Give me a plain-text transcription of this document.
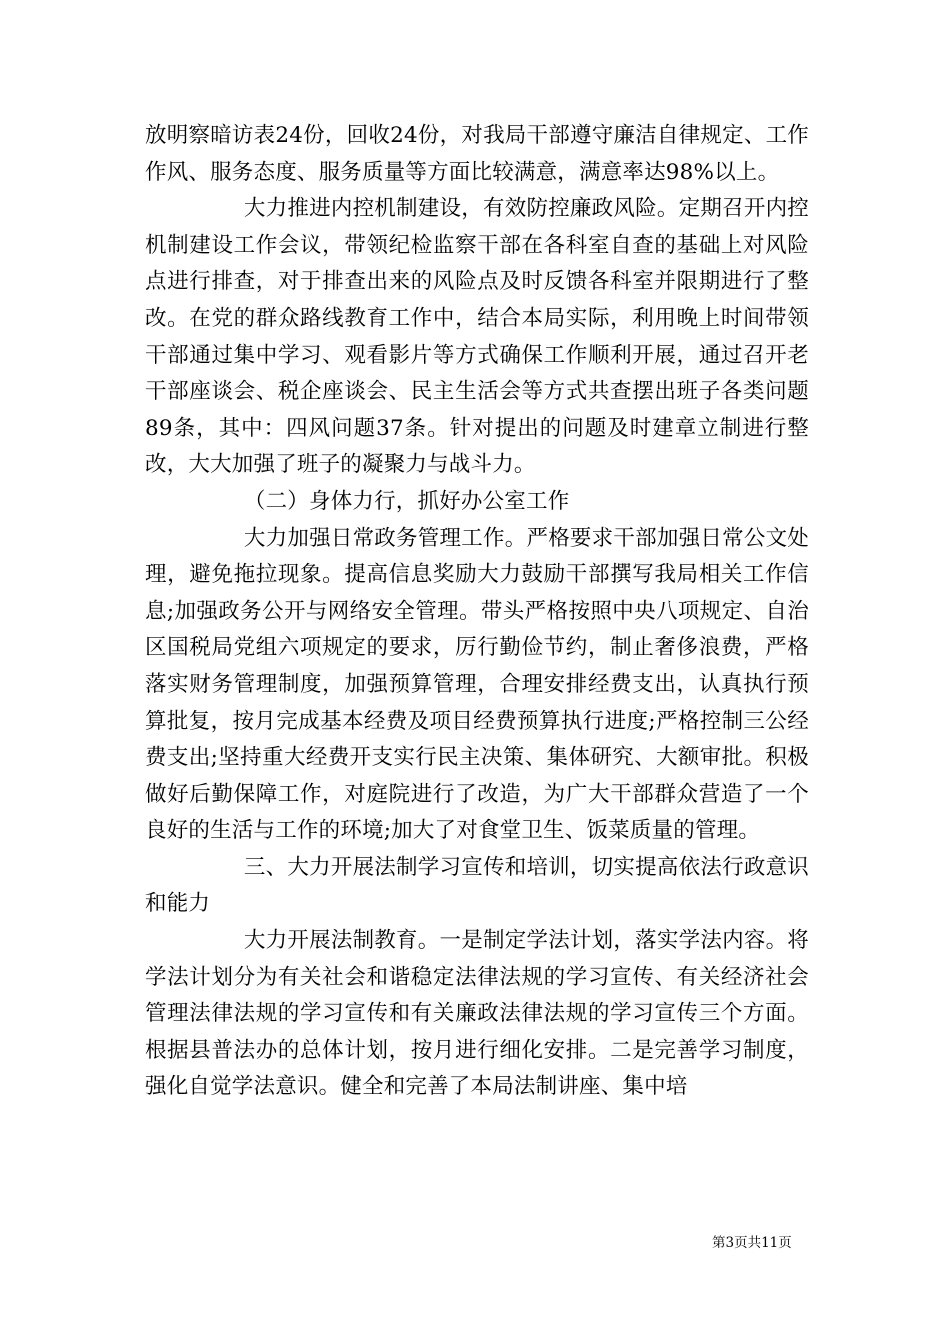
放明察暗访表24份，回收24份，对我局干部遵守廉洁自律规定、工作作风、服务态度、服务质量等方面比较满意，满意率达98%以上。

大力推进内控机制建设，有效防控廉政风险。定期召开内控机制建设工作会议，带领纪检监察干部在各科室自查的基础上对风险点进行排查，对于排查出来的风险点及时反馈各科室并限期进行了整改。在党的群众路线教育工作中，结合本局实际，利用晚上时间带领干部通过集中学习、观看影片等方式确保工作顺利开展，通过召开老干部座谈会、税企座谈会、民主生活会等方式共查摆出班子各类问题89条，其中：四风问题37条。针对提出的问题及时建章立制进行整改，大大加强了班子的凝聚力与战斗力。

（二）身体力行，抓好办公室工作

大力加强日常政务管理工作。严格要求干部加强日常公文处理，避免拖拉现象。提高信息奖励大力鼓励干部撰写我局相关工作信息;加强政务公开与网络安全管理。带头严格按照中央八项规定、自治区国税局党组六项规定的要求，厉行勤俭节约，制止奢侈浪费，严格落实财务管理制度，加强预算管理，合理安排经费支出，认真执行预算批复，按月完成基本经费及项目经费预算执行进度;严格控制三公经费支出;坚持重大经费开支实行民主决策、集体研究、大额审批。积极做好后勤保障工作，对庭院进行了改造，为广大干部群众营造了一个良好的生活与工作的环境;加大了对食堂卫生、饭菜质量的管理。

三、大力开展法制学习宣传和培训，切实提高依法行政意识和能力

大力开展法制教育。一是制定学法计划，落实学法内容。将学法计划分为有关社会和谐稳定法律法规的学习宣传、有关经济社会管理法律法规的学习宣传和有关廉政法律法规的学习宣传三个方面。根据县普法办的总体计划，按月进行细化安排。二是完善学习制度，强化自觉学法意识。健全和完善了本局法制讲座、集中培

第3页共11页
